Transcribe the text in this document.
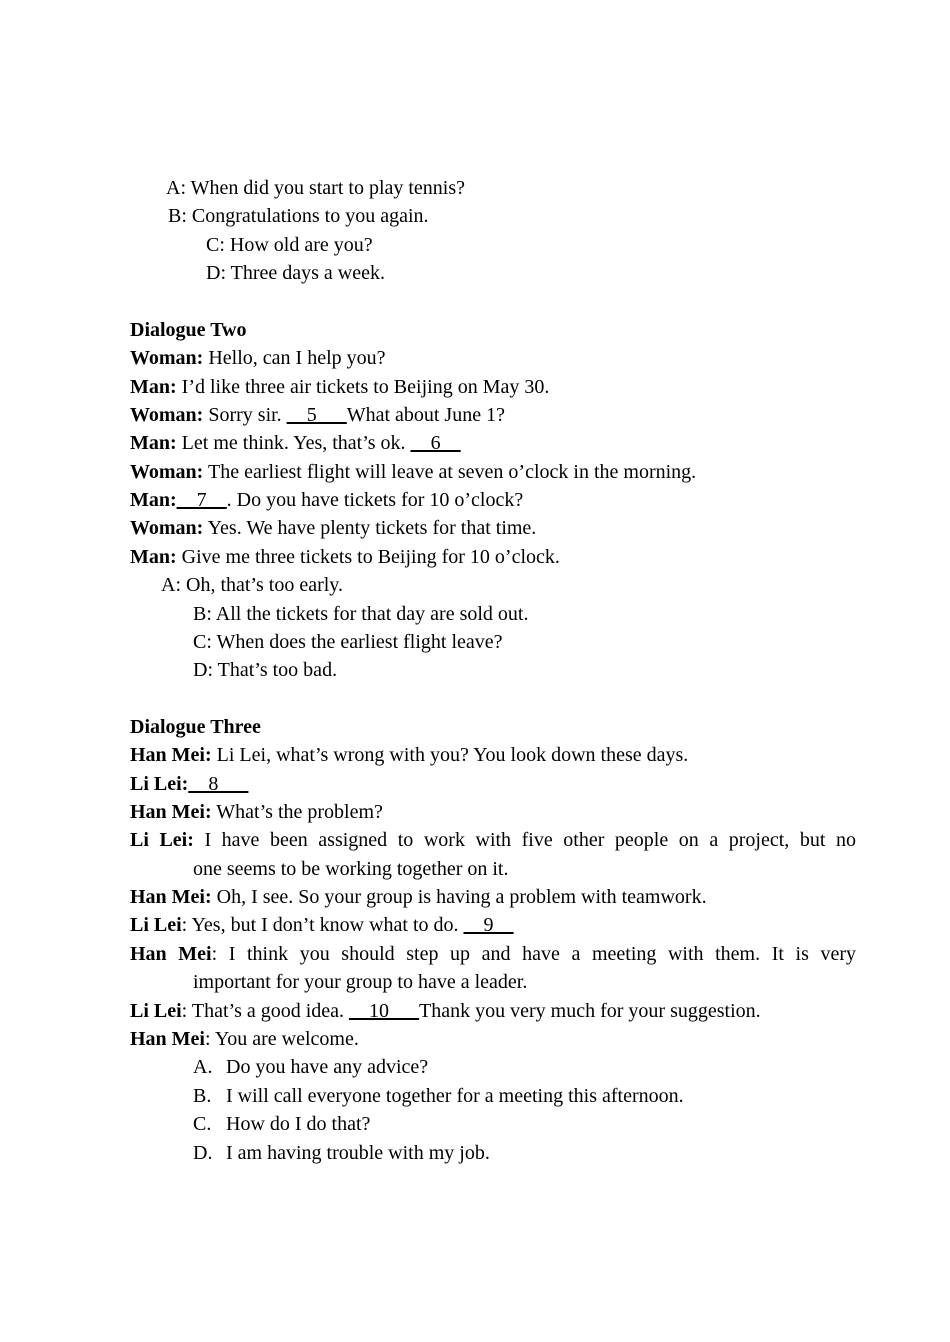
A: When did you start to play tennis?
B: Congratulations to you again.
C: How old are you?
D: Three days a week.
Dialogue Two
Woman: Hello, can I help you?
Man: I’d like three air tickets to Beijing on May 30.
Woman: Sorry sir. __5___What about June 1?
Man: Let me think. Yes, that’s ok. __6__
Woman: The earliest flight will leave at seven o’clock in the morning.
Man:__7__. Do you have tickets for 10 o’clock?
Woman: Yes. We have plenty tickets for that time.
Man: Give me three tickets to Beijing for 10 o’clock.
A: Oh, that’s too early.
B: All the tickets for that day are sold out.
C: When does the earliest flight leave?
D: That’s too bad.
Dialogue Three
Han Mei: Li Lei, what’s wrong with you? You look down these days.
Li Lei:__8___
Han Mei: What’s the problem?
Li Lei: I have been assigned to work with five other people on a project, but no
one seems to be working together on it.
Han Mei: Oh, I see. So your group is having a problem with teamwork.
Li Lei: Yes, but I don’t know what to do. __9__
Han Mei: I think you should step up and have a meeting with them. It is very
important for your group to have a leader.
Li Lei: That’s a good idea. __10___Thank you very much for your suggestion.
Han Mei: You are welcome.
A. Do you have any advice?
B. I will call everyone together for a meeting this afternoon.
C. How do I do that?
D. I am having trouble with my job.
